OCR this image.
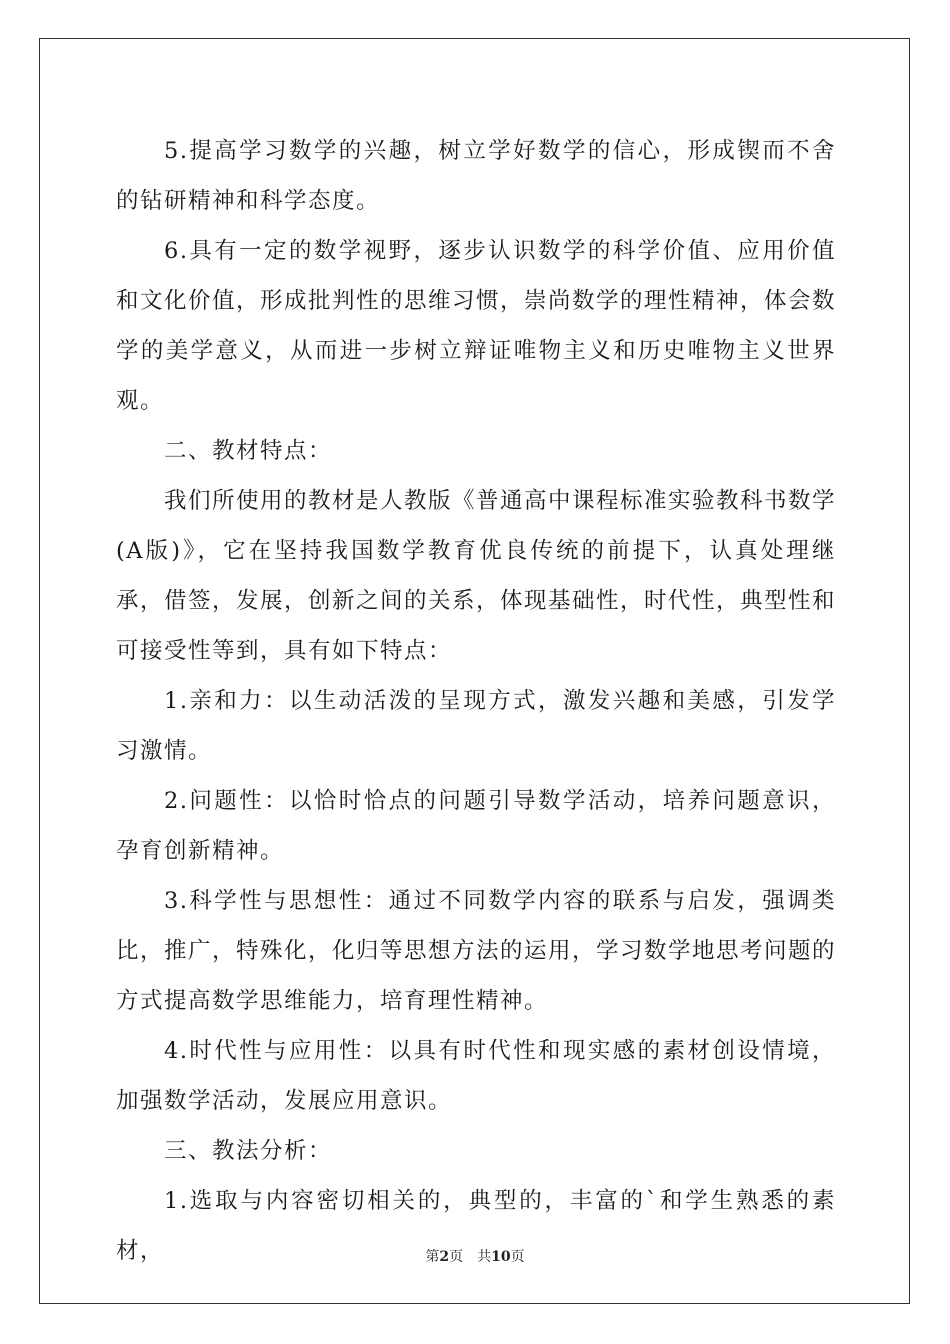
5.提高学习数学的兴趣，树立学好数学的信心，形成锲而不舍的钻研精神和科学态度。

6.具有一定的数学视野，逐步认识数学的科学价值、应用价值和文化价值，形成批判性的思维习惯，崇尚数学的理性精神，体会数学的美学意义，从而进一步树立辩证唯物主义和历史唯物主义世界观。

二、教材特点：

我们所使用的教材是人教版《普通高中课程标准实验教科书数学(A版)》，它在坚持我国数学教育优良传统的前提下，认真处理继承，借签，发展，创新之间的关系，体现基础性，时代性，典型性和可接受性等到，具有如下特点：

1.亲和力：以生动活泼的呈现方式，激发兴趣和美感，引发学习激情。

2.问题性：以恰时恰点的问题引导数学活动，培养问题意识，孕育创新精神。

3.科学性与思想性：通过不同数学内容的联系与启发，强调类比，推广，特殊化，化归等思想方法的运用，学习数学地思考问题的方式提高数学思维能力，培育理性精神。

4.时代性与应用性：以具有时代性和现实感的素材创设情境，加强数学活动，发展应用意识。

三、教法分析：

1.选取与内容密切相关的，典型的，丰富的`和学生熟悉的素材，	第2页 共10页
